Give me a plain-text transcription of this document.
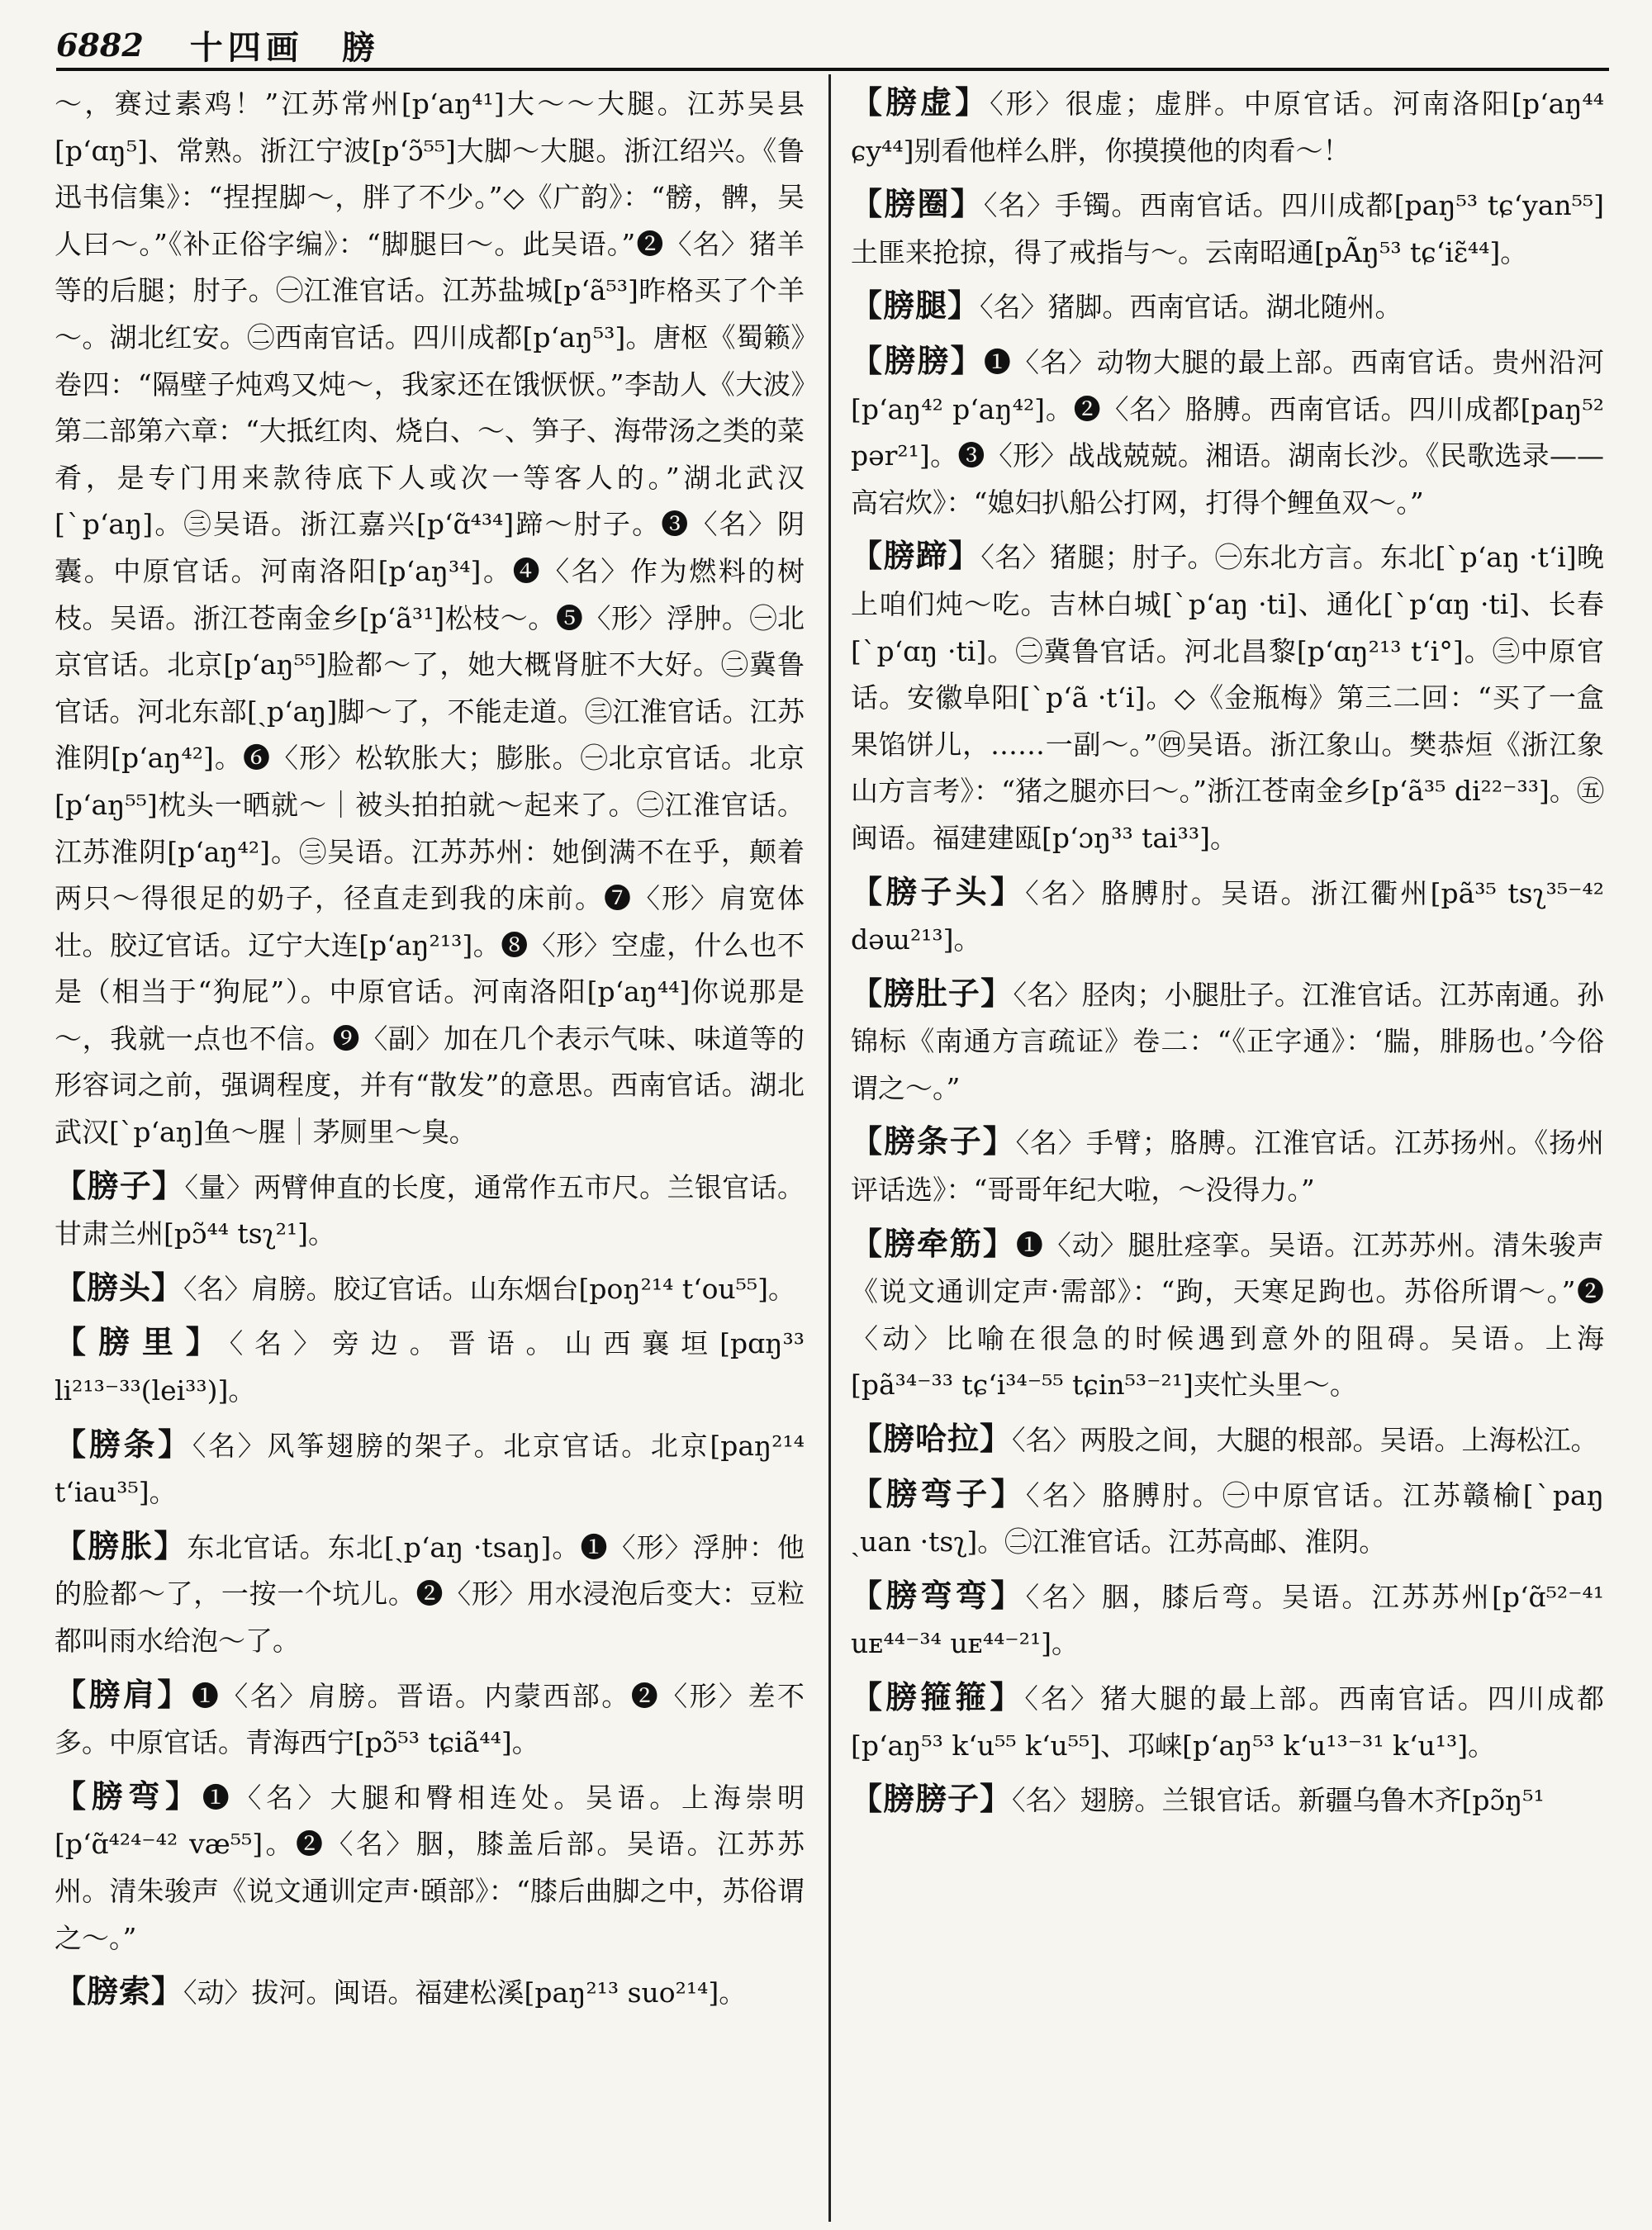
6882 十四画　膀

～，赛过素鸡！”江苏常州[p‘aŋ⁴¹]大～～大腿。江苏吴县[p‘ɑŋ⁵]、常熟。浙江宁波[p‘ɔ̃⁵⁵]大脚～大腿。浙江绍兴。《鲁迅书信集》：“捏捏脚～，胖了不少。”◇《广韵》：“髈，髀，吴人曰～。”《补正俗字编》：“脚腿曰～。此吴语。”❷〈名〉猪羊等的后腿；肘子。㊀江淮官话。江苏盐城[p‘ã⁵³]昨格买了个羊～。湖北红安。㊁西南官话。四川成都[p‘aŋ⁵³]。唐枢《蜀籁》卷四：“隔壁子炖鸡又炖～，我家还在饿恹恹。”李劼人《大波》第二部第六章：“大抵红肉、烧白、～、笋子、海带汤之类的菜肴，是专门用来款待底下人或次一等客人的。”湖北武汉[ˋp‘aŋ]。㊂吴语。浙江嘉兴[p‘ɑ̃⁴³⁴]蹄～肘子。❸〈名〉阴囊。中原官话。河南洛阳[p‘aŋ³⁴]。❹〈名〉作为燃料的树枝。吴语。浙江苍南金乡[p‘ã³¹]松枝～。❺〈形〉浮肿。㊀北京官话。北京[p‘aŋ⁵⁵]脸都～了，她大概肾脏不大好。㊁冀鲁官话。河北东部[ˏp‘aŋ]脚～了，不能走道。㊂江淮官话。江苏淮阴[p‘aŋ⁴²]。❻〈形〉松软胀大；膨胀。㊀北京官话。北京[p‘aŋ⁵⁵]枕头一晒就～｜被头拍拍就～起来了。㊁江淮官话。江苏淮阴[p‘aŋ⁴²]。㊂吴语。江苏苏州：她倒满不在乎，颠着两只～得很足的奶子，径直走到我的床前。❼〈形〉肩宽体壮。胶辽官话。辽宁大连[p‘aŋ²¹³]。❽〈形〉空虚，什么也不是（相当于“狗屁”）。中原官话。河南洛阳[p‘aŋ⁴⁴]你说那是～，我就一点也不信。❾〈副〉加在几个表示气味、味道等的形容词之前，强调程度，并有“散发”的意思。西南官话。湖北武汉[ˋp‘aŋ]鱼～腥｜茅厕里～臭。

【膀子】〈量〉两臂伸直的长度，通常作五市尺。兰银官话。甘肃兰州[pɔ̃⁴⁴ tsʅ²¹]。

【膀头】〈名〉肩膀。胶辽官话。山东烟台[poŋ²¹⁴ t‘ou⁵⁵]。

【膀里】〈名〉旁边。晋语。山西襄垣[pɑŋ³³ li²¹³⁻³³(lei³³)]。

【膀条】〈名〉风筝翅膀的架子。北京官话。北京[paŋ²¹⁴ t‘iau³⁵]。

【膀胀】东北官话。东北[ˏp‘aŋ ·tsaŋ]。❶〈形〉浮肿：他的脸都～了，一按一个坑儿。❷〈形〉用水浸泡后变大：豆粒都叫雨水给泡～了。

【膀肩】❶〈名〉肩膀。晋语。内蒙西部。❷〈形〉差不多。中原官话。青海西宁[pɔ̃⁵³ tɕiã⁴⁴]。

【膀弯】❶〈名〉大腿和臀相连处。吴语。上海崇明[p‘ɑ̃⁴²⁴⁻⁴² væ⁵⁵]。❷〈名〉胭，膝盖后部。吴语。江苏苏州。清朱骏声《说文通训定声·頣部》：“膝后曲脚之中，苏俗谓之～。”

【膀索】〈动〉拔河。闽语。福建松溪[paŋ²¹³ suo²¹⁴]。

【膀虚】〈形〉很虚；虚胖。中原官话。河南洛阳[p‘aŋ⁴⁴ ɕy⁴⁴]别看他样么胖，你摸摸他的肉看～！

【膀圈】〈名〉手镯。西南官话。四川成都[paŋ⁵³ tɕ‘yan⁵⁵]土匪来抢掠，得了戒指与～。云南昭通[pÃŋ⁵³ tɕ‘iɛ̃⁴⁴]。

【膀腿】〈名〉猪脚。西南官话。湖北随州。

【膀膀】❶〈名〉动物大腿的最上部。西南官话。贵州沿河[p‘aŋ⁴² p‘aŋ⁴²]。❷〈名〉胳膊。西南官话。四川成都[paŋ⁵² pər²¹]。❸〈形〉战战兢兢。湘语。湖南长沙。《民歌选录——高宕炊》：“媳妇扒船公打网，打得个鲤鱼双～。”

【膀蹄】〈名〉猪腿；肘子。㊀东北方言。东北[ˋp‘aŋ ·t‘i]晚上咱们炖～吃。吉林白城[ˋp‘aŋ ·ti]、通化[ˋp‘ɑŋ ·ti]、长春[ˋp‘ɑŋ ·ti]。㊁冀鲁官话。河北昌黎[p‘ɑŋ²¹³ t‘i°]。㊂中原官话。安徽阜阳[ˋp‘ã ·t‘i]。◇《金瓶梅》第三二回：“买了一盒果馅饼儿，……一副～。”㊃吴语。浙江象山。樊恭烜《浙江象山方言考》：“猪之腿亦曰～。”浙江苍南金乡[p‘ã³⁵ di²²⁻³³]。㊄闽语。福建建瓯[p‘ɔŋ³³ tai³³]。

【膀子头】〈名〉胳膊肘。吴语。浙江衢州[pã³⁵ tsʅ³⁵⁻⁴² dəɯ²¹³]。

【膀肚子】〈名〉胫肉；小腿肚子。江淮官话。江苏南通。孙锦标《南通方言疏证》卷二：“《正字通》：‘腨，腓肠也。’今俗谓之～。”

【膀条子】〈名〉手臂；胳膊。江淮官话。江苏扬州。《扬州评话选》：“哥哥年纪大啦，～没得力。”

【膀牵筋】❶〈动〉腿肚痉挛。吴语。江苏苏州。清朱骏声《说文通训定声·需部》：“跔，天寒足跔也。苏俗所谓～。”❷〈动〉比喻在很急的时候遇到意外的阻碍。吴语。上海[pã³⁴⁻³³ tɕ‘i³⁴⁻⁵⁵ tɕin⁵³⁻²¹]夹忙头里～。

【膀哈拉】〈名〉两股之间，大腿的根部。吴语。上海松江。

【膀弯子】〈名〉胳膊肘。㊀中原官话。江苏赣榆[ˋpaŋ ˏuan ·tsʅ]。㊁江淮官话。江苏高邮、淮阴。

【膀弯弯】〈名〉胭，膝后弯。吴语。江苏苏州[p‘ɑ̃⁵²⁻⁴¹ uᴇ⁴⁴⁻³⁴ uᴇ⁴⁴⁻²¹]。

【膀箍箍】〈名〉猪大腿的最上部。西南官话。四川成都[p‘aŋ⁵³ k‘u⁵⁵ k‘u⁵⁵]、邛崃[p‘aŋ⁵³ k‘u¹³⁻³¹ k‘u¹³]。

【膀膀子】〈名〉翅膀。兰银官话。新疆乌鲁木齐[pɔ̃ŋ⁵¹
